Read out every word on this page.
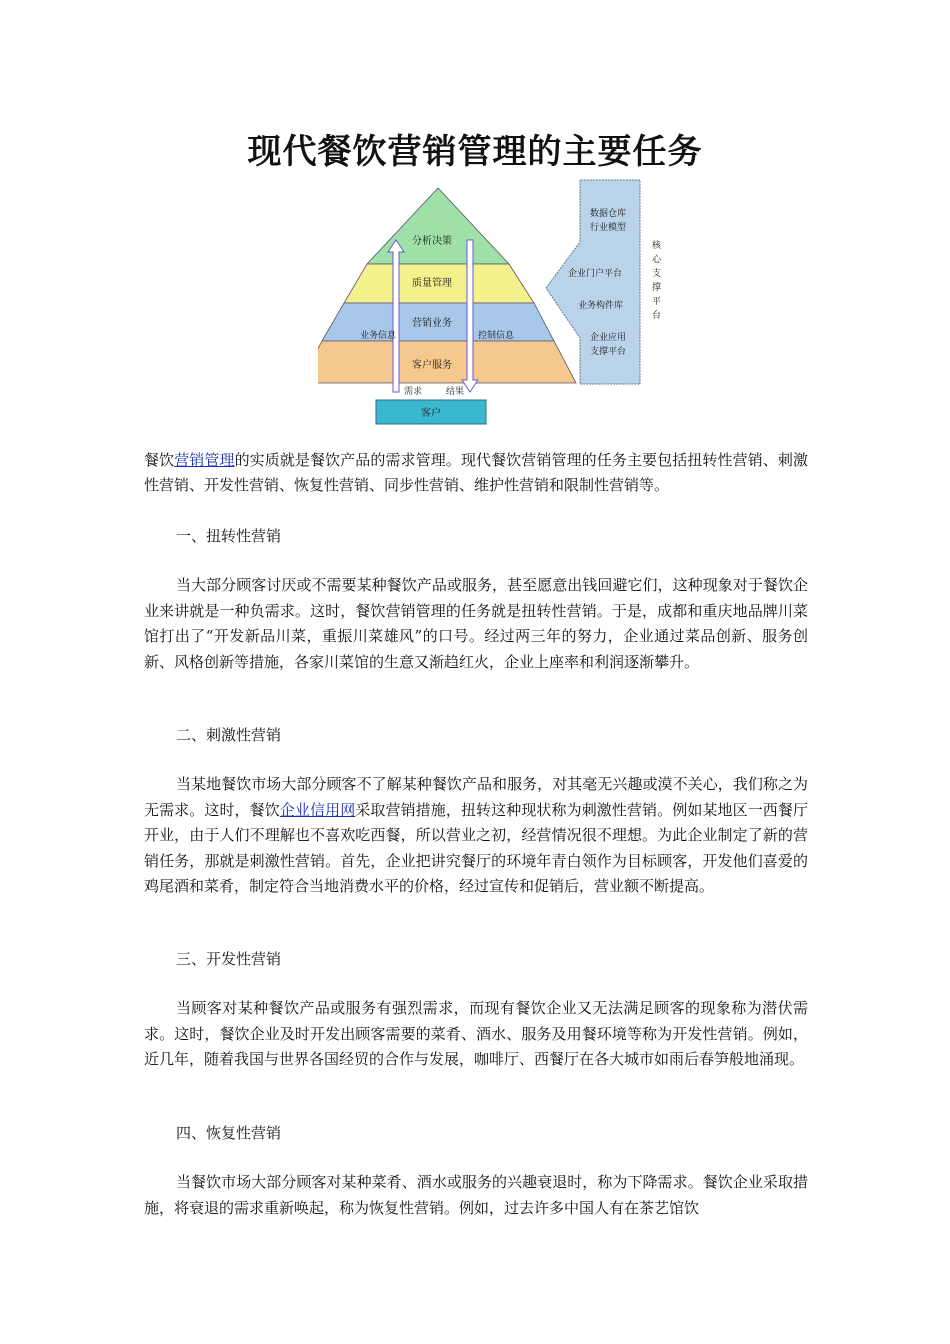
现代餐饮营销管理的主要任务
分析决策
质量管理
营销业务
客户服务
业务信息	控制信息
需求	结果
客户
数据仓库
行业模型
企业门户平台
业务构件库
企业应用
支撑平台
核
心
支
撑
平
台
餐饮营销管理的实质就是餐饮产品的需求管理。现代餐饮营销管理的任务主要包括扭转性营销、刺激性营销、开发性营销、恢复性营销、同步性营销、维护性营销和限制性营销等。
一、扭转性营销
当大部分顾客讨厌或不需要某种餐饮产品或服务，甚至愿意出钱回避它们，这种现象对于餐饮企业来讲就是一种负需求。这时，餐饮营销管理的任务就是扭转性营销。于是，成都和重庆地品牌川菜馆打出了“开发新品川菜，重振川菜雄风”的口号。经过两三年的努力，企业通过菜品创新、服务创新、风格创新等措施，各家川菜馆的生意又渐趋红火，企业上座率和利润逐渐攀升。
二、刺激性营销
当某地餐饮市场大部分顾客不了解某种餐饮产品和服务，对其毫无兴趣或漠不关心，我们称之为无需求。这时，餐饮企业信用网采取营销措施，扭转这种现状称为刺激性营销。例如某地区一西餐厅开业，由于人们不理解也不喜欢吃西餐，所以营业之初，经营情况很不理想。为此企业制定了新的营销任务，那就是刺激性营销。首先，企业把讲究餐厅的环境年青白领作为目标顾客，开发他们喜爱的鸡尾酒和菜肴，制定符合当地消费水平的价格，经过宣传和促销后，营业额不断提高。
三、开发性营销
当顾客对某种餐饮产品或服务有强烈需求，而现有餐饮企业又无法满足顾客的现象称为潜伏需求。这时，餐饮企业及时开发出顾客需要的菜肴、酒水、服务及用餐环境等称为开发性营销。例如，近几年，随着我国与世界各国经贸的合作与发展，咖啡厅、西餐厅在各大城市如雨后春笋般地涌现。
四、恢复性营销
当餐饮市场大部分顾客对某种菜肴、酒水或服务的兴趣衰退时，称为下降需求。餐饮企业采取措施，将衰退的需求重新唤起，称为恢复性营销。例如，过去许多中国人有在茶艺馆饮
